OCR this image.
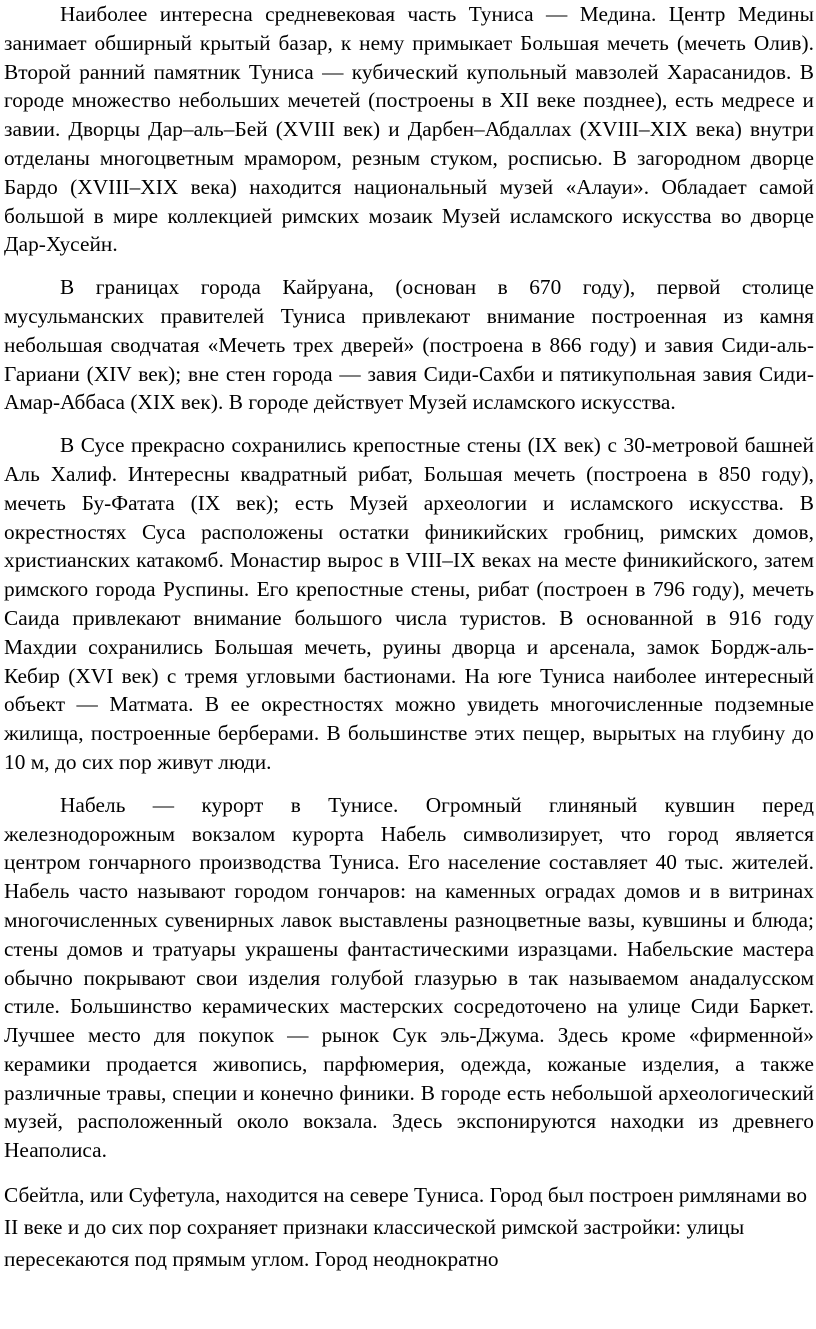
Наиболее интересна средневековая часть Туниса — Медина. Центр Медины занимает обширный крытый базар, к нему примыкает Большая мечеть (мечеть Олив). Второй ранний памятник Туниса — кубический купольный мавзолей Харасанидов. В городе множество небольших мечетей (построены в XII веке позднее), есть медресе и завии. Дворцы Дар–аль–Бей (XVIII век) и Дарбен–Абдаллах (XVIII–XIX века) внутри отделаны многоцветным мрамором, резным стуком, росписью. В загородном дворце Бардо (XVIII–XIX века) находится национальный музей «Алауи». Обладает самой большой в мире коллекцией римских мозаик Музей исламского искусства во дворце Дар-Хусейн.

В границах города Кайруана, (основан в 670 году), первой столице мусульманских правителей Туниса привлекают внимание построенная из камня небольшая сводчатая «Мечеть трех дверей» (построена в 866 году) и завия Сиди-аль-Гариани (XIV век); вне стен города — завия Сиди-Сахби и пятикупольная завия Сиди-Амар-Аббаса (XIX век). В городе действует Музей исламского искусства.

В Сусе прекрасно сохранились крепостные стены (IX век) с 30-метровой башней Аль Халиф. Интересны квадратный рибат, Большая мечеть (построена в 850 году), мечеть Бу-Фатата (IX век); есть Музей археологии и исламского искусства. В окрестностях Суса расположены остатки финикийских гробниц, римских домов, христианских катакомб. Монастир вырос в VIII–IX веках на месте финикийского, затем римского города Руспины. Его крепостные стены, рибат (построен в 796 году), мечеть Саида привлекают внимание большого числа туристов. В основанной в 916 году Махдии сохранились Большая мечеть, руины дворца и арсенала, замок Бордж-аль-Кебир (XVI век) с тремя угловыми бастионами. На юге Туниса наиболее интересный объект — Матмата. В ее окрестностях можно увидеть многочисленные подземные жилища, построенные берберами. В большинстве этих пещер, вырытых на глубину до 10 м, до сих пор живут люди.

Набель — курорт в Тунисе. Огромный глиняный кувшин перед железнодорожным вокзалом курорта Набель символизирует, что город является центром гончарного производства Туниса. Его население составляет 40 тыс. жителей. Набель часто называют городом гончаров: на каменных оградах домов и в витринах многочисленных сувенирных лавок выставлены разноцветные вазы, кувшины и блюда; стены домов и тратуары украшены фантастическими изразцами. Набельские мастера обычно покрывают свои изделия голубой глазурью в так называемом анадалусском стиле. Большинство керамических мастерских сосредоточено на улице Сиди Баркет. Лучшее место для покупок — рынок Сук эль-Джума. Здесь кроме «фирменной» керамики продается живопись, парфюмерия, одежда, кожаные изделия, а также различные травы, специи и конечно финики. В городе есть небольшой археологический музей, расположенный около вокзала. Здесь экспонируются находки из древнего Неаполиса.

Сбейтла, или Суфетула, находится на севере Туниса. Город был построен римлянами во II веке и до сих пор сохраняет признаки классической римской застройки: улицы пересекаются под прямым углом. Город неоднократно
